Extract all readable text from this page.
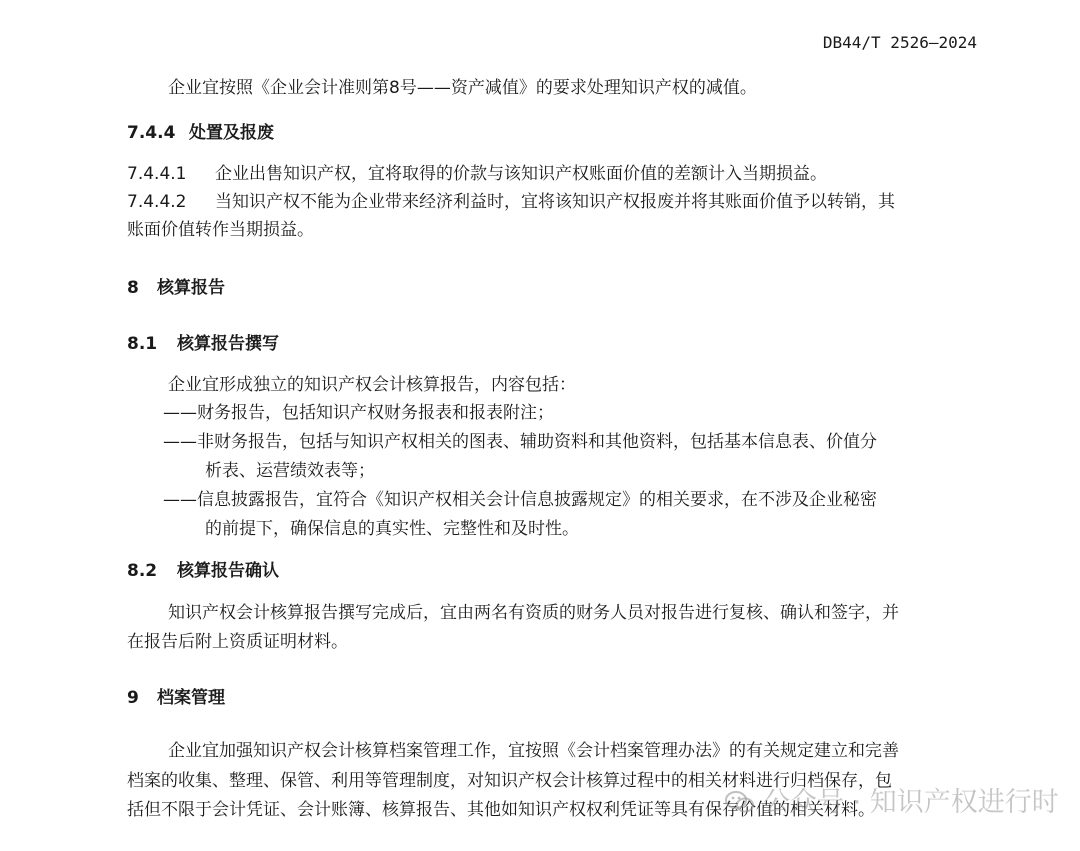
DB44/T 2526—2024
企业宜按照《企业会计准则第8号——资产减值》的要求处理知识产权的减值。
7.4.4 处置及报废
7.4.4.1 企业出售知识产权，宜将取得的价款与该知识产权账面价值的差额计入当期损益。
7.4.4.2 当知识产权不能为企业带来经济利益时，宜将该知识产权报废并将其账面价值予以转销，其
账面价值转作当期损益。
8 核算报告
8.1 核算报告撰写
企业宜形成独立的知识产权会计核算报告，内容包括：
——财务报告，包括知识产权财务报表和报表附注；
——非财务报告，包括与知识产权相关的图表、辅助资料和其他资料，包括基本信息表、价值分
析表、运营绩效表等；
——信息披露报告，宜符合《知识产权相关会计信息披露规定》的相关要求，在不涉及企业秘密
的前提下，确保信息的真实性、完整性和及时性。
8.2 核算报告确认
知识产权会计核算报告撰写完成后，宜由两名有资质的财务人员对报告进行复核、确认和签字，并
在报告后附上资质证明材料。
9 档案管理
企业宜加强知识产权会计核算档案管理工作，宜按照《会计档案管理办法》的有关规定建立和完善
档案的收集、整理、保管、利用等管理制度，对知识产权会计核算过程中的相关材料进行归档保存，包
括但不限于会计凭证、会计账簿、核算报告、其他如知识产权权利凭证等具有保存价值的相关材料。
公众号 · 知识产权进行时
